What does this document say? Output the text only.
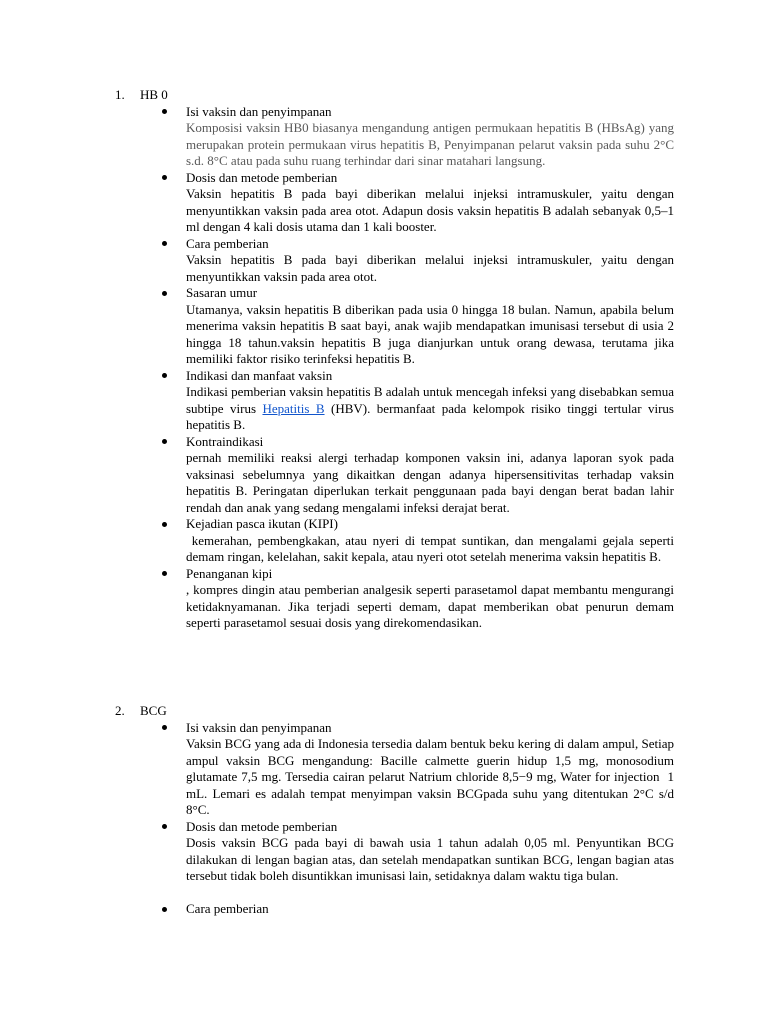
1. HB 0
Isi vaksin dan penyimpanan
Komposisi vaksin HB0 biasanya mengandung antigen permukaan hepatitis B (HBsAg) yang merupakan protein permukaan virus hepatitis B, Penyimpanan pelarut vaksin pada suhu 2°C s.d. 8°C atau pada suhu ruang terhindar dari sinar matahari langsung.
Dosis dan metode pemberian
Vaksin hepatitis B pada bayi diberikan melalui injeksi intramuskuler, yaitu dengan menyuntikkan vaksin pada area otot. Adapun dosis vaksin hepatitis B adalah sebanyak 0,5–1 ml dengan 4 kali dosis utama dan 1 kali booster.
Cara pemberian
Vaksin hepatitis B pada bayi diberikan melalui injeksi intramuskuler, yaitu dengan menyuntikkan vaksin pada area otot.
Sasaran umur
Utamanya, vaksin hepatitis B diberikan pada usia 0 hingga 18 bulan. Namun, apabila belum menerima vaksin hepatitis B saat bayi, anak wajib mendapatkan imunisasi tersebut di usia 2 hingga 18 tahun.vaksin hepatitis B juga dianjurkan untuk orang dewasa, terutama jika memiliki faktor risiko terinfeksi hepatitis B.
Indikasi dan manfaat vaksin
Indikasi pemberian vaksin hepatitis B adalah untuk mencegah infeksi yang disebabkan semua subtipe virus Hepatitis B (HBV). bermanfaat pada kelompok risiko tinggi tertular virus hepatitis B.
Kontraindikasi
pernah memiliki reaksi alergi terhadap komponen vaksin ini, adanya laporan syok pada vaksinasi sebelumnya yang dikaitkan dengan adanya hipersensitivitas terhadap vaksin hepatitis B. Peringatan diperlukan terkait penggunaan pada bayi dengan berat badan lahir rendah dan anak yang sedang mengalami infeksi derajat berat.
Kejadian pasca ikutan (KIPI)
kemerahan, pembengkakan, atau nyeri di tempat suntikan, dan mengalami gejala seperti demam ringan, kelelahan, sakit kepala, atau nyeri otot setelah menerima vaksin hepatitis B.
Penanganan kipi
, kompres dingin atau pemberian analgesik seperti parasetamol dapat membantu mengurangi ketidaknyamanan. Jika terjadi seperti demam, dapat memberikan obat penurun demam seperti parasetamol sesuai dosis yang direkomendasikan.
2. BCG
Isi vaksin dan penyimpanan
Vaksin BCG yang ada di Indonesia tersedia dalam bentuk beku kering di dalam ampul, Setiap ampul vaksin BCG mengandung: Bacille calmette guerin hidup 1,5 mg, monosodium glutamate 7,5 mg. Tersedia cairan pelarut Natrium chloride 8,5−9 mg, Water for injection  1 mL. Lemari es adalah tempat menyimpan vaksin BCGpada suhu yang ditentukan 2°C s/d 8°C.
Dosis dan metode pemberian
Dosis vaksin BCG pada bayi di bawah usia 1 tahun adalah 0,05 ml. Penyuntikan BCG dilakukan di lengan bagian atas, dan setelah mendapatkan suntikan BCG, lengan bagian atas tersebut tidak boleh disuntikkan imunisasi lain, setidaknya dalam waktu tiga bulan.
Cara pemberian
